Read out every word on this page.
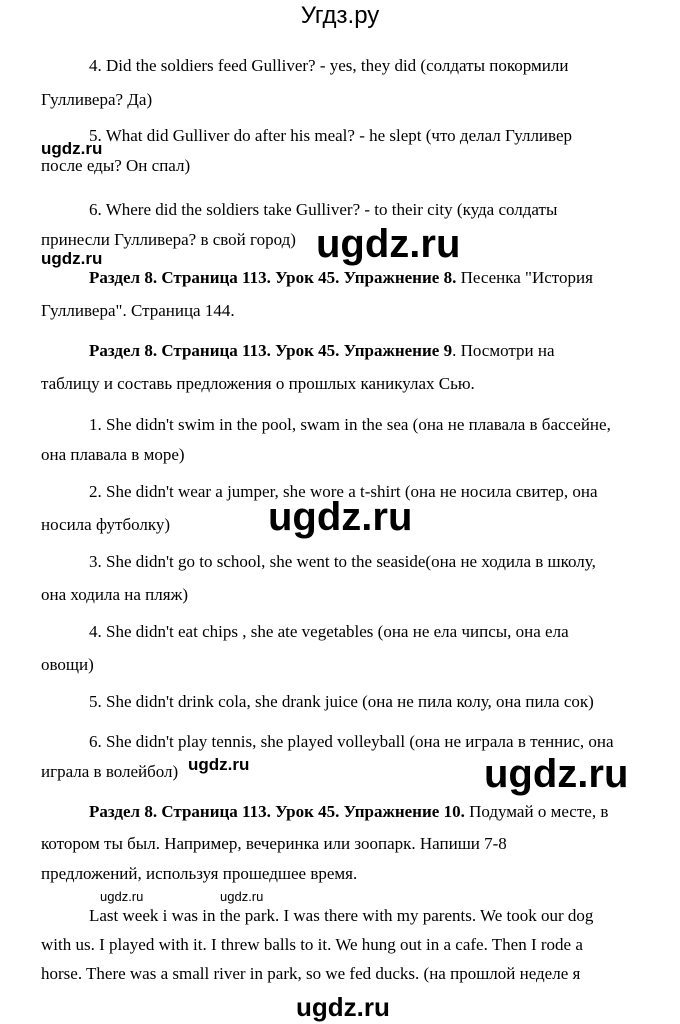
Угдз.ру
4. Did the soldiers feed Gulliver? - yes, they did (солдаты покормили
Гулливера? Да)
5. What did Gulliver do after his meal? - he slept (что делал Гулливер
после еды? Он спал)
6. Where did the soldiers take Gulliver? - to their city (куда солдаты
принесли Гулливера? в свой город)
Раздел 8. Страница 113. Урок 45. Упражнение 8. Песенка "История
Гулливера". Страница 144.
Раздел 8. Страница 113. Урок 45. Упражнение 9. Посмотри на
таблицу и составь предложения о прошлых каникулах Сью.
1. She didn't swim in the pool, swam in the sea (она не плавала в бассейне,
она плавала в море)
2. She didn't wear a jumper, she wore a t-shirt (она не носила свитер, она
носила футболку)
3. She didn't go to school, she went to the seaside(она не ходила в школу,
она ходила на пляж)
4. She didn't eat chips , she ate vegetables (она не ела чипсы, она ела
овощи)
5. She didn't drink cola, she drank juice (она не пила колу, она пила сок)
6. She didn't play tennis, she played volleyball (она не играла в теннис, она
играла в волейбол)
Раздел 8. Страница 113. Урок 45. Упражнение 10. Подумай о месте, в
котором ты был. Например, вечеринка или зоопарк. Напиши 7-8
предложений, используя прошедшее время.
Last week i was in the park. I was there with my parents. We took our dog
with us. I played with it. I threw balls to it. We hung out in a cafe. Then I rode a
horse. There was a small river in park, so we fed ducks. (на прошлой неделе я
ugdz.ru
ugdz.ru
ugdz.ru
ugdz.ru
ugdz.ru	ugdz.ru
ugdz.ru	ugdz.ru
ugdz.ru
